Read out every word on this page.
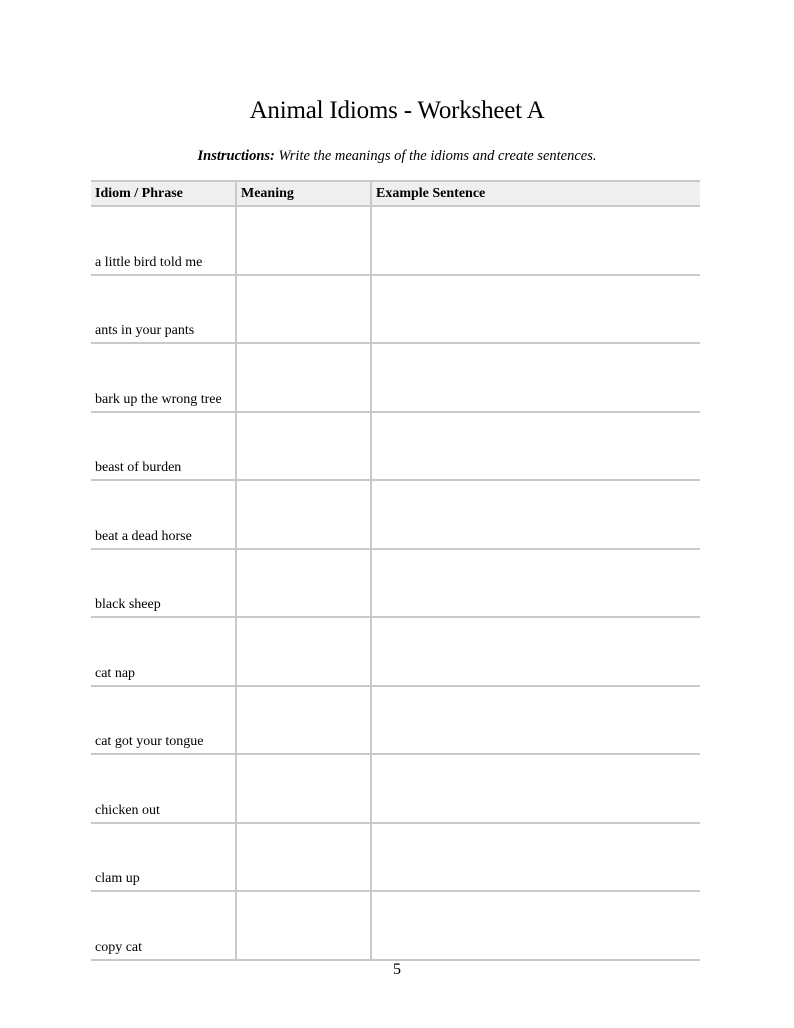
Animal Idioms - Worksheet A
Instructions: Write the meanings of the idioms and create sentences.
Idiom / Phrase	Meaning	Example Sentence
a little bird told me		
ants in your pants		
bark up the wrong tree		
beast of burden		
beat a dead horse		
black sheep		
cat nap		
cat got your tongue		
chicken out		
clam up		
copy cat		
5
